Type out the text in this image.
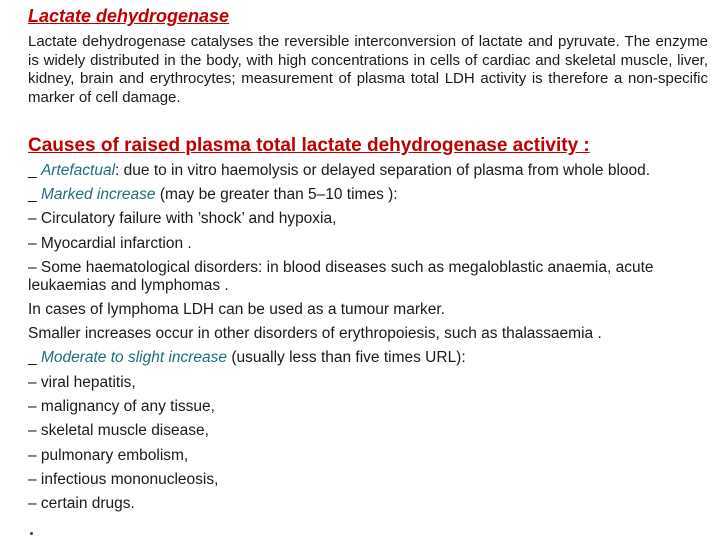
Lactate dehydrogenase

Lactate dehydrogenase catalyses the reversible interconversion of lactate and pyruvate. The enzyme is widely distributed in the body, with high concentrations in cells of cardiac and skeletal muscle, liver, kidney, brain and erythrocytes; measurement of plasma total LDH activity is therefore a non-specific marker of cell damage.

Causes of raised plasma total lactate dehydrogenase activity :
_ Artefactual: due to in vitro haemolysis or delayed separation of plasma from whole blood.
_ Marked increase (may be greater than 5–10 times ):
– Circulatory failure with ’shock’ and hypoxia,
– Myocardial infarction .
– Some haematological disorders: in blood diseases such as megaloblastic anaemia, acute leukaemias and lymphomas .
In cases of lymphoma LDH can be used as a tumour marker.
Smaller increases occur in other disorders of erythropoiesis, such as thalassaemia .
_ Moderate to slight increase (usually less than five times URL):
– viral hepatitis,
– malignancy of any tissue,
– skeletal muscle disease,
– pulmonary embolism,
– infectious mononucleosis,
– certain drugs.
